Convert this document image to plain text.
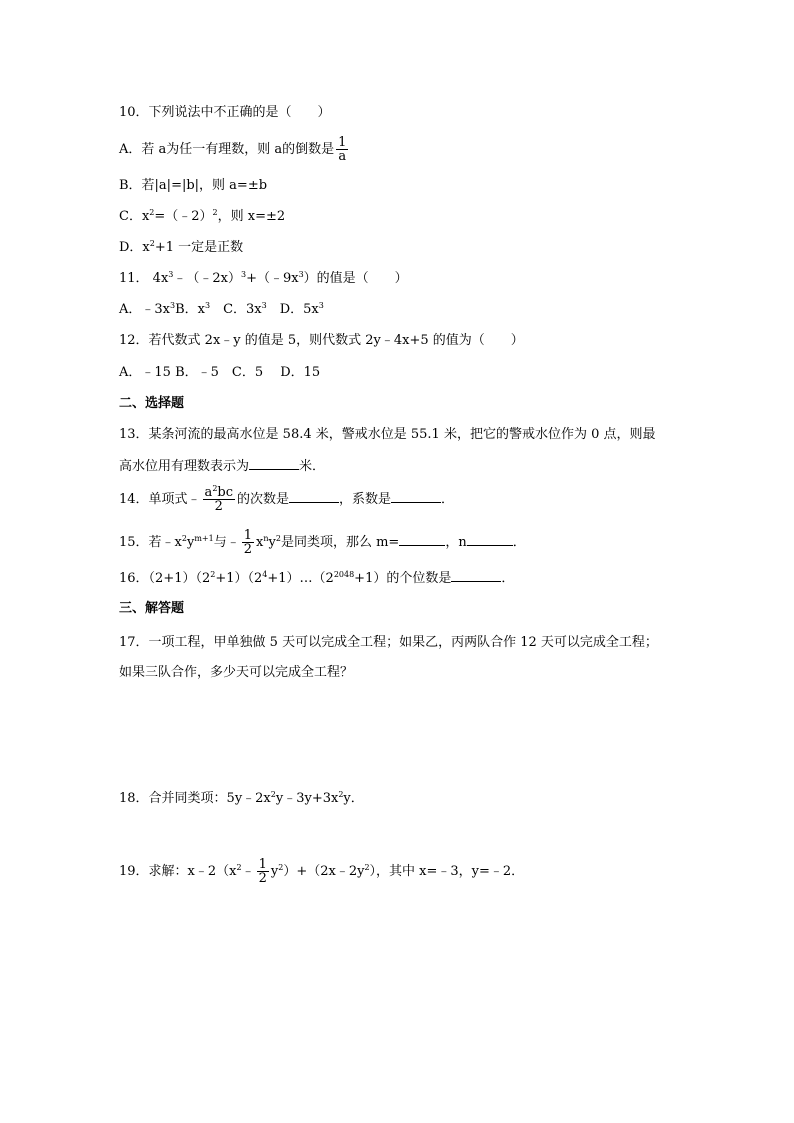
10．下列说法中不正确的是（　　）
A．若 a为任一有理数，则 a的倒数是 $\frac{1}{a}$
B．若|a|=|b|，则 a=±b
C．$x^2=(﹣2)^2$，则 x=±2
D．$x^2+1$ 一定是正数
11． $4x^3﹣(﹣2x)^3+(﹣9x^3)$的值是（　　）
A．$﹣3x^3B$．$x^3$　C．$3x^3$　D．$5x^3$
12．若代数式 2x﹣y 的值是 5，则代数式 2y﹣4x+5 的值为（　　）
A．﹣15 B．﹣5　C．5　 D．15
二、选择题
13．某条河流的最高水位是 58.4 米，警戒水位是 55.1 米，把它的警戒水位作为 0 点，则最
高水位用有理数表示为	米．
14．单项式﹣ $\frac{a^2bc}{2}$ 的次数是	，系数是	．
15．若$﹣x^2y^{m+1}$与﹣ $\frac{1}{2} x^ny^2$是同类项，那么 m=	，n	．
16．$(2+1)(2^2+1)(2^4+1)\dots(2^{2048}+1)$的个位数是	．
三、解答题
17．一项工程，甲单独做 5 天可以完成全工程；如果乙，丙两队合作 12 天可以完成全工程；
如果三队合作，多少天可以完成全工程？
18．合并同类项：$5y﹣2x^2y﹣3y+3x^2y$．
19．求解：$x﹣2(x^2﹣ \frac{1}{2}$ $y^2)+(2x﹣2y^2)$，其中 x=﹣3，y=﹣2．
